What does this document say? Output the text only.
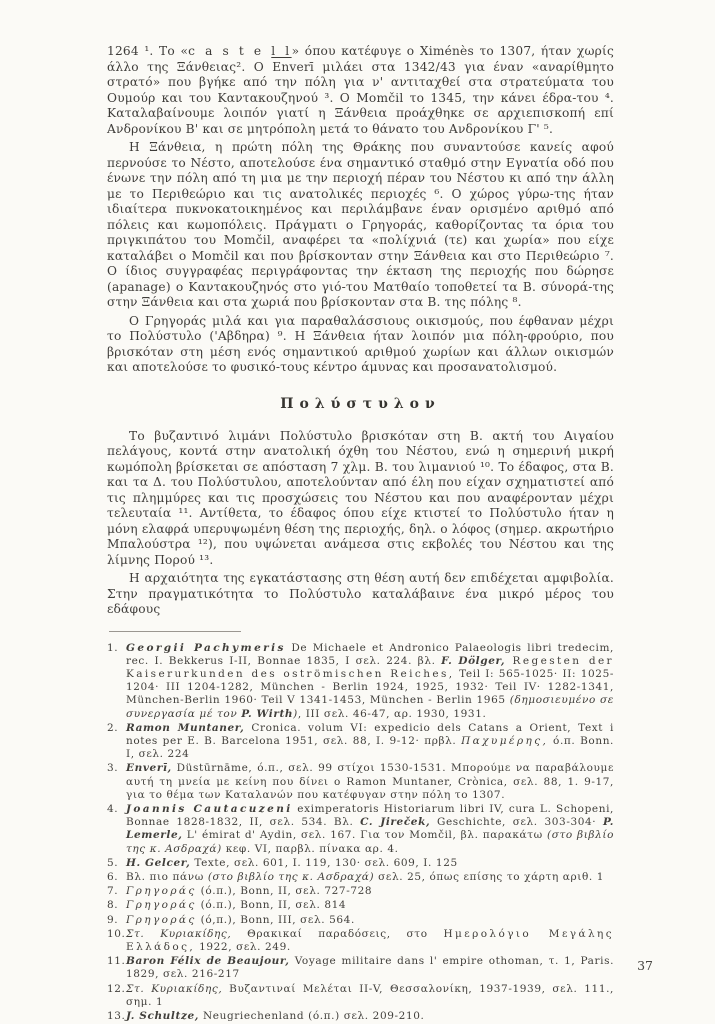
1264 ¹. Το «c a s t e l l» όπου κατέφυγε ο Ximénès το 1307, ήταν χωρίς άλλο της Ξάνθειας². Ο Enverī μιλάει στα 1342/43 για έναν «αναρίθμητο στρατό» που βγήκε από την πόλη για ν' αντιταχθεί στα στρατεύματα του Ουμούρ και του Καντακουζηνού ³. Ο Momčil το 1345, την κάνει έδρα-του ⁴. Καταλαβαίνουμε λοιπόν γιατί η Ξάνθεια προάχθηκε σε αρχιεπισκοπή επί Ανδρονίκου Β' και σε μητρόπολη μετά το θάνατο του Ανδρονίκου Γ' ⁵.

Η Ξάνθεια, η πρώτη πόλη της Θράκης που συναντούσε κανείς αφού περνούσε το Νέστο, αποτελούσε ένα σημαντικό σταθμό στην Εγνατία οδό που ένωνε την πόλη από τη μια με την περιοχή πέραν του Νέστου κι από την άλλη με το Περιθεώριο και τις ανατολικές περιοχές ⁶. Ο χώρος γύρω-της ήταν ιδιαίτερα πυκνοκατοικημένος και περιλάμβανε έναν ορισμένο αριθμό από πόλεις και κωμοπόλεις. Πράγματι ο Γρηγοράς, καθορίζοντας τα όρια του πριγκιπάτου του Momčil, αναφέρει τα «πολίχνιά (τε) και χωρία» που είχε καταλάβει ο Momčil και που βρίσκονταν στην Ξάνθεια και στο Περιθεώριο ⁷. Ο ίδιος συγγραφέας περιγράφοντας την έκταση της περιοχής που δώρησε (apanage) ο Καντακουζηνός στο γιό-του Ματθαίο τοποθετεί τα Β. σύνορά-της στην Ξάνθεια και στα χωριά που βρίσκονταν στα Β. της πόλης ⁸.

Ο Γρηγοράς μιλά και για παραθαλάσσιους οικισμούς, που έφθαναν μέχρι το Πολύστυλο ('Αβδηρα) ⁹. Η Ξάνθεια ήταν λοιπόν μια πόλη-φρούριο, που βρισκόταν στη μέση ενός σημαντικού αριθμού χωρίων και άλλων οικισμών και αποτελούσε το φυσικό-τους κέντρο άμυνας και προσανατολισμού.

Πολύστυλον

Το βυζαντινό λιμάνι Πολύστυλο βρισκόταν στη Β. ακτή του Αιγαίου πελάγους, κοντά στην ανατολική όχθη του Νέστου, ενώ η σημερινή μικρή κωμόπολη βρίσκεται σε απόσταση 7 χλμ. Β. του λιμανιού ¹⁰. Το έδαφος, στα Β. και τα Δ. του Πολύστυλου, αποτελούνταν από έλη που είχαν σχηματιστεί από τις πλημμύρες και τις προσχώσεις του Νέστου και που αναφέρονταν μέχρι τελευταία ¹¹. Αντίθετα, το έδαφος όπου είχε κτιστεί το Πολύστυλο ήταν η μόνη ελαφρά υπερυψωμένη θέση της περιοχής, δηλ. ο λόφος (σημερ. ακρωτήριο Μπαλούστρα ¹²), που υψώνεται ανάμεσα στις εκβολές του Νέστου και της λίμνης Πορού ¹³.

Η αρχαιότητα της εγκατάστασης στη θέση αυτή δεν επιδέχεται αμφιβολία. Στην πραγματικότητα το Πολύστυλο καταλάβαινε ένα μικρό μέρος του εδάφους

1. Georgii Pachymeris De Michaele et Andronico Palaeologis libri tredecim, rec. I. Bekkerus I-II, Bonnae 1835, I σελ. 224. βλ. F. Dölger, Regesten der Kaiserurkunden des oströmischen Reiches, Teil I: 565-1025· II: 1025-1204· III 1204-1282, München - Berlin 1924, 1925, 1932· Teil IV· 1282-1341, München-Berlin 1960· Teil V 1341-1453, München - Berlin 1965 (δημοσιευμένο σε συνεργασία μέ τον P. Wirth), III σελ. 46-47, αρ. 1930, 1931.
2. Ramon Muntaner, Cronica. volum VI: expedicio dels Catans a Orient, Text i notes per E. B. Barcelona 1951, σελ. 88, I. 9-12· πρβλ. Παχυμέρης, ό.π. Bonn. I, σελ. 224
3. Enverī, Düstūrnāme, ό.π., σελ. 99 στίχοι 1530-1531. Μπορούμε να παραβάλουμε αυτή τη μνεία με κείνη που δίνει ο Ramon Muntaner, Crònica, σελ. 88, 1. 9-17, για το θέμα των Καταλανών που κατέφυγαν στην πόλη το 1307.
4. Joannis Cautacuzeni eximperatoris Historiarum libri IV, cura L. Schopeni, Bonnae 1828-1832, II, σελ. 534. Βλ. C. Jireček, Geschichte, σελ. 303-304· P. Lemerle, L' émirat d' Aydin, σελ. 167. Για τον Momčil, βλ. παρακάτω (στο βιβλίο της κ. Ασδραχά) κεφ. VI, παρβλ. πίνακα αρ. 4.
5. H. Gelcer, Texte, σελ. 601, I. 119, 130· σελ. 609, I. 125
6. Βλ. πιο πάνω (στο βιβλίο της κ. Ασδραχά) σελ. 25, όπως επίσης το χάρτη αριθ. 1
7. Γρηγοράς (ό.π.), Bonn, II, σελ. 727-728
8. Γρηγοράς (ό.π.), Bonn, II, σελ. 814
9. Γρηγοράς (ό,π.), Bonn, III, σελ. 564.
10. Στ. Κυριακίδης, Θρακικαί παραδόσεις, στο Ημερολόγιο Μεγάλης Ελλάδος, 1922, σελ. 249.
11. Baron Félix de Beaujour, Voyage militaire dans l' empire othoman, τ. 1, Paris. 1829, σελ. 216-217
12. Στ. Κυριακίδης, Βυζαντιναί Μελέται ΙΙ-V, Θεσσαλονίκη, 1937-1939, σελ. 111., σημ. 1
13. J. Schultze, Neugriechenland (ό.π.) σελ. 209-210.
37
